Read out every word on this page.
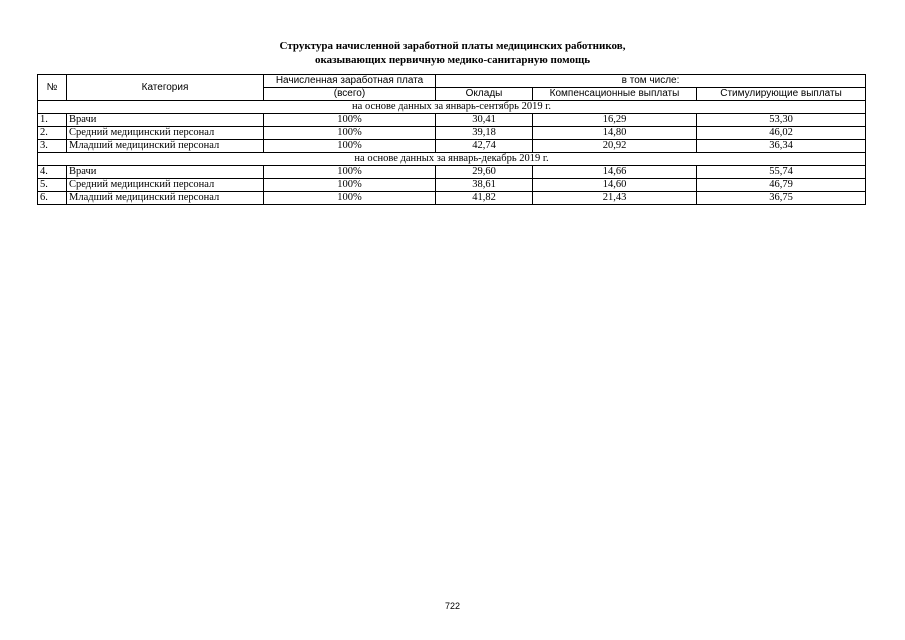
Структура начисленной заработной платы медицинских работников,
оказывающих первичную медико-санитарную помощь
№	Категория	Начисленная заработная плата	в том числе:		
		(всего)	Оклады	Компенсационные выплаты	Стимулирующие выплаты
на основе данных за январь-сентябрь 2019 г.					
1.	Врачи	100%	30,41	16,29	53,30
2.	Средний медицинский персонал	100%	39,18	14,80	46,02
3.	Младший медицинский персонал	100%	42,74	20,92	36,34
на основе данных за январь-декабрь 2019 г.					
4.	Врачи	100%	29,60	14,66	55,74
5.	Средний медицинский персонал	100%	38,61	14,60	46,79
6.	Младший медицинский персонал	100%	41,82	21,43	36,75
722
